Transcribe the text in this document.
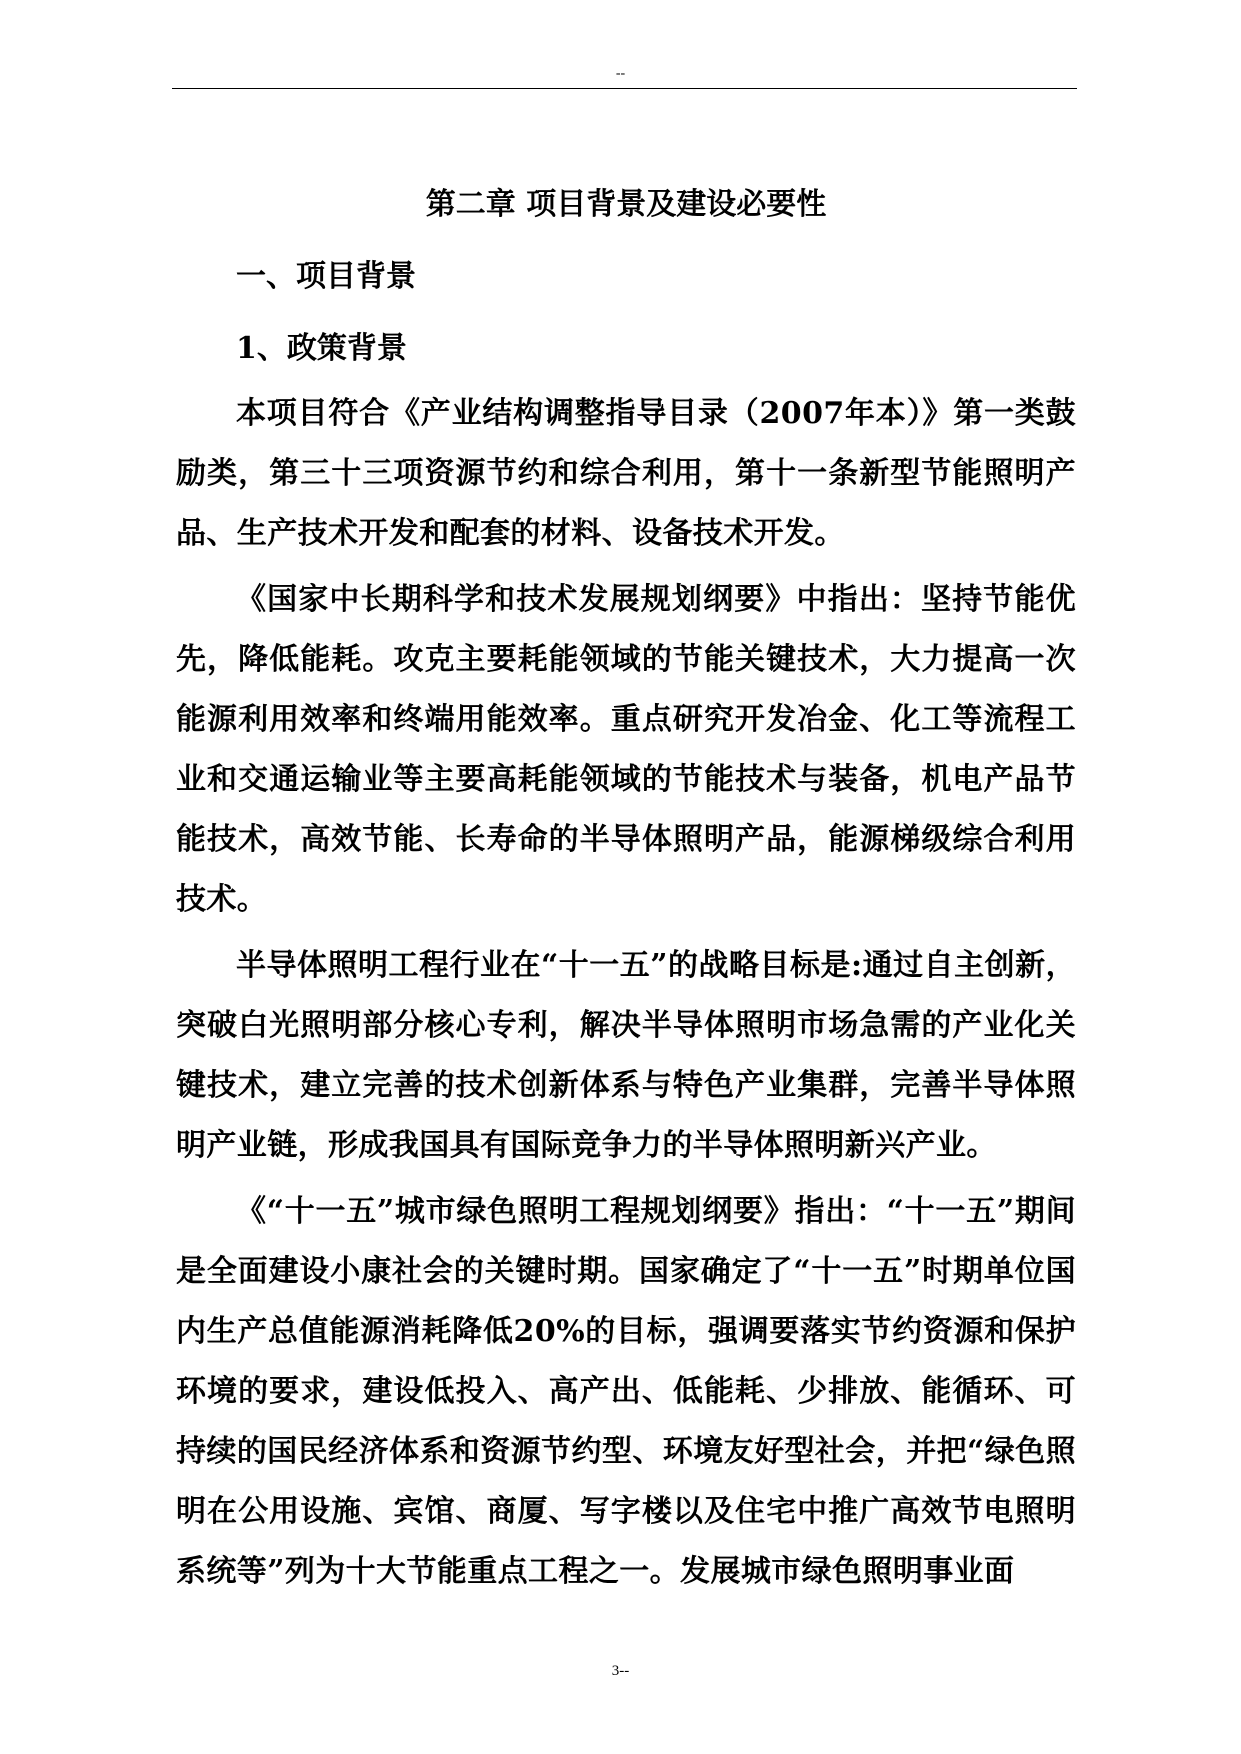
--
第二章 项目背景及建设必要性
一、项目背景
1、政策背景

本项目符合《产业结构调整指导目录（2007年本）》第一类鼓励类，第三十三项资源节约和综合利用，第十一条新型节能照明产品、生产技术开发和配套的材料、设备技术开发。

《国家中长期科学和技术发展规划纲要》中指出：坚持节能优先，降低能耗。攻克主要耗能领域的节能关键技术，大力提高一次能源利用效率和终端用能效率。重点研究开发冶金、化工等流程工业和交通运输业等主要高耗能领域的节能技术与装备，机电产品节能技术，高效节能、长寿命的半导体照明产品，能源梯级综合利用技术。

半导体照明工程行业在“十一五”的战略目标是:通过自主创新，突破白光照明部分核心专利，解决半导体照明市场急需的产业化关键技术，建立完善的技术创新体系与特色产业集群，完善半导体照明产业链，形成我国具有国际竞争力的半导体照明新兴产业。

《“十一五”城市绿色照明工程规划纲要》指出：“十一五”期间是全面建设小康社会的关键时期。国家确定了“十一五”时期单位国内生产总值能源消耗降低20%的目标，强调要落实节约资源和保护环境的要求，建设低投入、高产出、低能耗、少排放、能循环、可持续的国民经济体系和资源节约型、环境友好型社会，并把“绿色照明在公用设施、宾馆、商厦、写字楼以及住宅中推广高效节电照明系统等”列为十大节能重点工程之一。发展城市绿色照明事业面

3--
